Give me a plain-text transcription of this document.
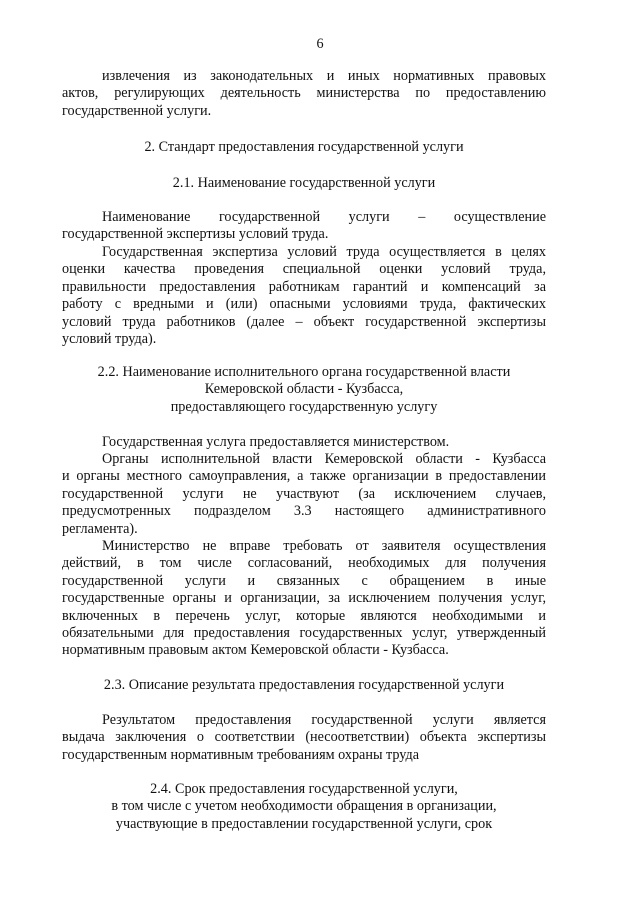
6
извлечения из законодательных и иных нормативных правовых
актов, регулирующих деятельность министерства по предоставлению
государственной услуги.
2. Стандарт предоставления государственной услуги
2.1. Наименование государственной услуги
Наименование государственной услуги – осуществление
государственной экспертизы условий труда.
Государственная экспертиза условий труда осуществляется в целях
оценки качества проведения специальной оценки условий труда,
правильности предоставления работникам гарантий и компенсаций за
работу с вредными и (или) опасными условиями труда, фактических
условий труда работников (далее – объект государственной экспертизы
условий труда).
2.2. Наименование исполнительного органа государственной власти
Кемеровской области - Кузбасса,
предоставляющего государственную услугу
Государственная услуга предоставляется министерством.
Органы исполнительной власти Кемеровской области - Кузбасса
и органы местного самоуправления, а также организации в предоставлении
государственной услуги не участвуют (за исключением случаев,
предусмотренных подразделом 3.3 настоящего административного
регламента).
Министерство не вправе требовать от заявителя осуществления
действий, в том числе согласований, необходимых для получения
государственной услуги и связанных с обращением в иные
государственные органы и организации, за исключением получения услуг,
включенных в перечень услуг, которые являются необходимыми и
обязательными для предоставления государственных услуг, утвержденный
нормативным правовым актом Кемеровской области - Кузбасса.
2.3. Описание результата предоставления государственной услуги
Результатом предоставления государственной услуги является
выдача заключения о соответствии (несоответствии) объекта экспертизы
государственным нормативным требованиям охраны труда
2.4. Срок предоставления государственной услуги,
в том числе с учетом необходимости обращения в организации,
участвующие в предоставлении государственной услуги, срок
